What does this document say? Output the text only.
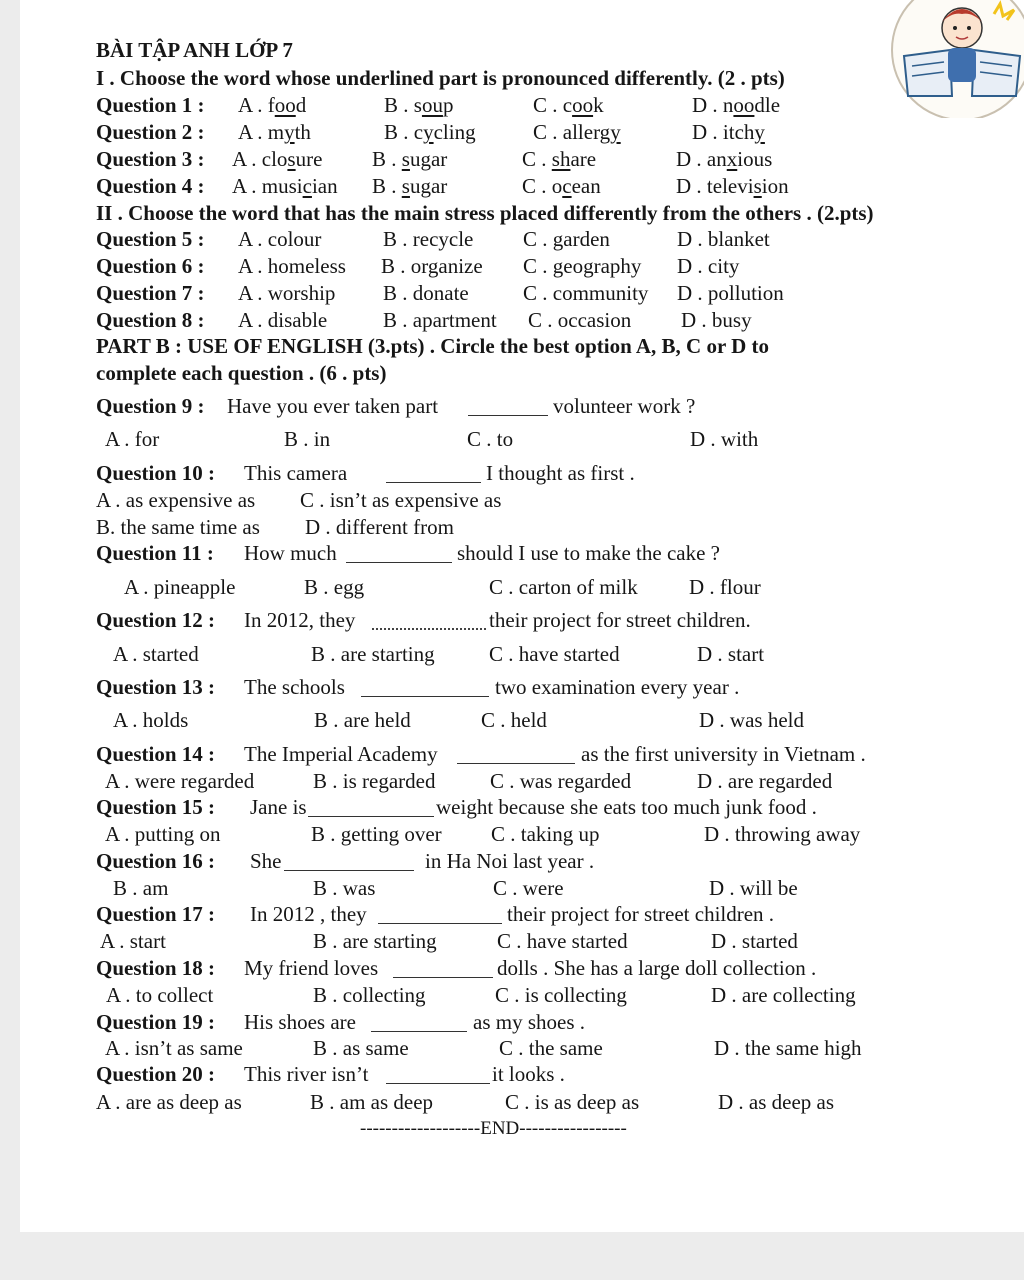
BÀI TẬP ANH LỚP 7
I . Choose the word whose underlined part is pronounced differently. (2 . pts)
Question 1 : A . food	B . soup	C . cook	D . noodle
Question 2 : A . myth	B . cycling	C . allergy	D . itchy
Question 3 : A . closure B . sugar	C . share	D . anxious
Question 4 : A . musician B . sugar	C . ocean	D . television
II . Choose the word that has the main stress placed differently from the others . (2.pts)
Question 5 : A . colour	B . recycle C . garden	D . blanket
Question 6 : A . homeless B . organize C . geography D . city
Question 7 : A . worship B . donate	C . community D . pollution
Question 8 : A . disable	B . apartment C . occasion D . busy
PART B : USE OF ENGLISH (3.pts) . Circle the best option A, B, C or D to
complete each question . (6 . pts)
Question 9 : Have you ever taken part	volunteer work ?
A . for	B . in	C . to	D . with
Question 10 : This camera	I thought as first .
A . as expensive as C . isn’t as expensive as
B. the same time as D . different from
Question 11 : How much	should I use to make the cake ?
A . pineapple	B . egg	C . carton of milk D . flour
Question 12 : In 2012, they	their project for street children.
A . started	B . are starting	C . have started	D . start
Question 13 : The schools	two examination every year .
A . holds	B . are held	C . held	D . was held
Question 14 : The Imperial Academy	as the first university in Vietnam .
A . were regarded	B . is regarded	C . was regarded	D . are regarded
Question 15 : Jane is	weight because she eats too much junk food .
A . putting on	B . getting over C . taking up	D . throwing away
Question 16 : She	in Ha Noi last year .
B . am	B . was	C . were	D . will be
Question 17 : In 2012 , they	their project for street children .
A . start	B . are starting	C . have started	D . started
Question 18 : My friend loves	dolls . She has a large doll collection .
A . to collect	B . collecting	C . is collecting	D . are collecting
Question 19 : His shoes are	as my shoes .
A . isn’t as same	B . as same	C . the same	D . the same high
Question 20 : This river isn’t	it looks .
A . are as deep as	B . am as deep	C . is as deep as	D . as deep as
-------------------END-----------------
